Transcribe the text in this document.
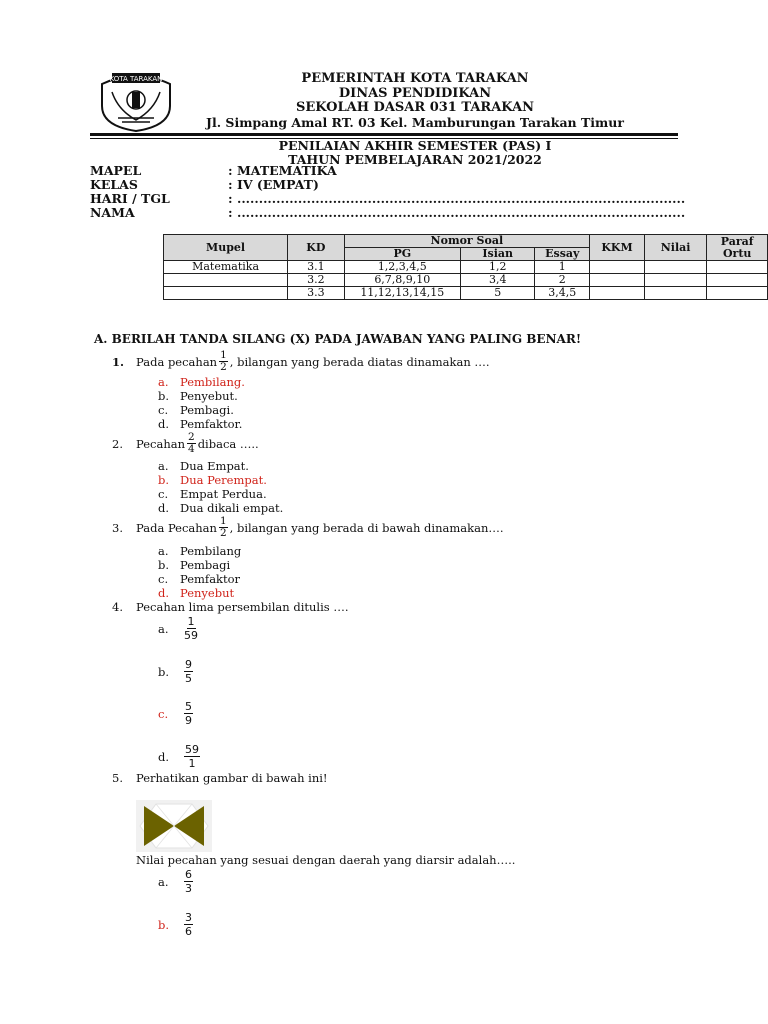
KOTA TARAKAN	PEMERINTAH KOTA TARAKAN
DINAS PENDIDIKAN
SEKOLAH DASAR 031 TARAKAN
Jl. Simpang Amal RT. 03 Kel. Mamburungan Tarakan Timur
PENILAIAN AKHIR SEMESTER (PAS) I
TAHUN PEMBELAJARAN 2021/2022
MAPEL	: MATEMATIKA
KELAS	: IV (EMPAT)
HARI / TGL	: .......................................................................................................
NAMA	: .......................................................................................................
Mupel	KD	Nomor Soal			KKM	Nilai	Paraf Ortu
		PG	Isian	Essay			
Matematika	3.1	1,2,3,4,5	1,2	1			
	3.2	6,7,8,9,10	3,4	2			
	3.3	11,12,13,14,15	5	3,4,5			
A. BERILAH TANDA SILANG (X) PADA JAWABAN YANG PALING BENAR!
1.	Pada pecahan $\frac{1}{2}$ , bilangan yang berada diatas dinamakan ….
a. Pembilang.
b. Penyebut.
c.	Pembagi.
d. Pemfaktor.
2.	Pecahan $\frac{2}{4}$ dibaca …..
a. Dua Empat.
b. Dua Perempat.
c.	Empat Perdua.
d. Dua dikali empat.
3.	Pada Pecahan $\frac{1}{2}$ , bilangan yang berada di bawah dinamakan….
a. Pembilang
b. Pembagi
c.	Pemfaktor
d. Penyebut
4.	Pecahan lima persembilan ditulis ….
a.	$\frac{1}{59}$
b.	$\frac{9}{5}$
c.	$\frac{5}{9}$
d.	$\frac{59}{1}$
5.	Perhatikan gambar di bawah ini!
Nilai pecahan yang sesuai dengan daerah yang diarsir adalah…..
a.	$\frac{6}{3}$
b.	$\frac{3}{6}$
